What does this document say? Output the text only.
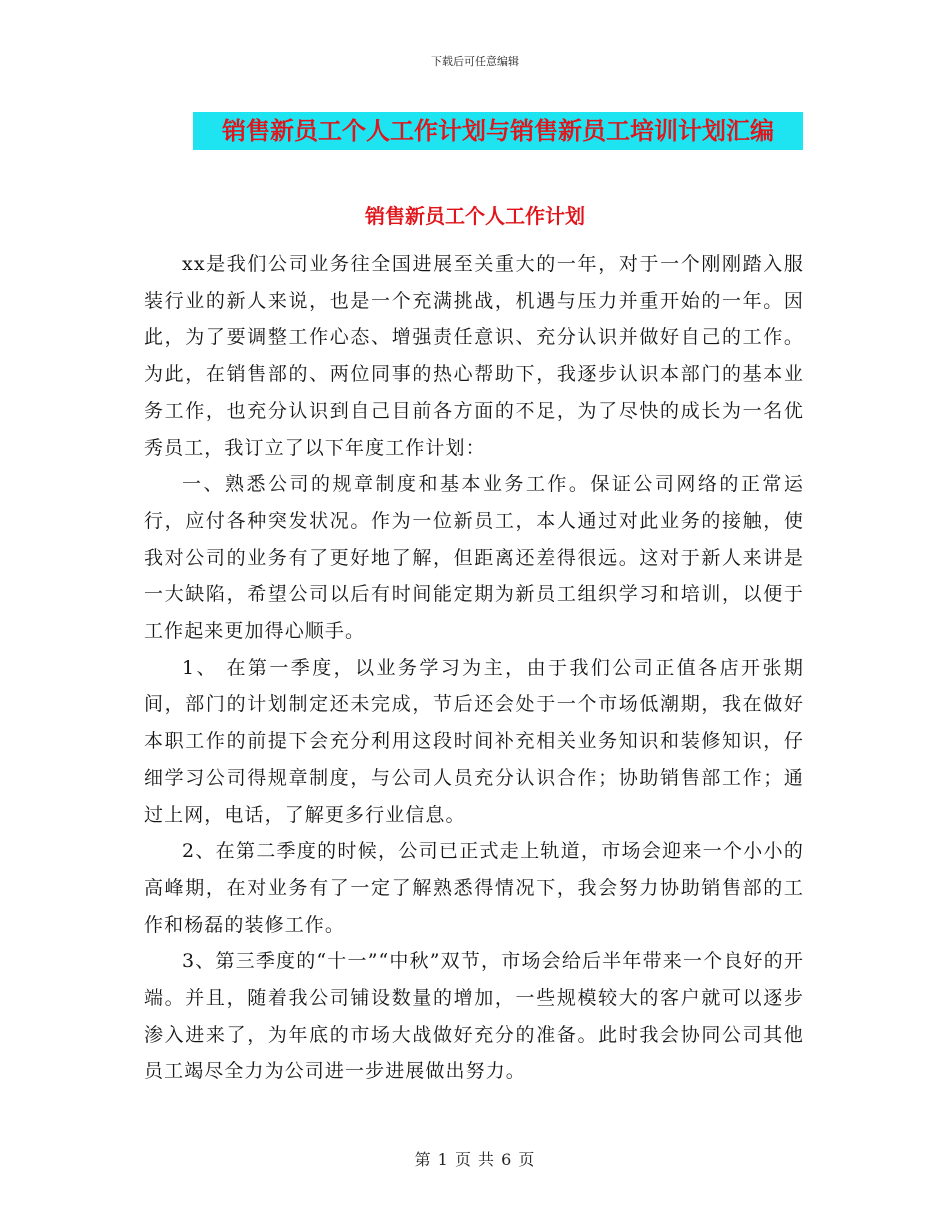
下载后可任意编辑
销售新员工个人工作计划与销售新员工培训计划汇编
销售新员工个人工作计划

xx是我们公司业务往全国进展至关重大的一年，对于一个刚刚踏入服装行业的新人来说，也是一个充满挑战，机遇与压力并重开始的一年。因此，为了要调整工作心态、增强责任意识、充分认识并做好自己的工作。为此，在销售部的、两位同事的热心帮助下，我逐步认识本部门的基本业务工作，也充分认识到自己目前各方面的不足，为了尽快的成长为一名优秀员工，我订立了以下年度工作计划：

一、熟悉公司的规章制度和基本业务工作。保证公司网络的正常运行，应付各种突发状况。作为一位新员工，本人通过对此业务的接触，使我对公司的业务有了更好地了解，但距离还差得很远。这对于新人来讲是一大缺陷，希望公司以后有时间能定期为新员工组织学习和培训，以便于工作起来更加得心顺手。

1、 在第一季度，以业务学习为主，由于我们公司正值各店开张期间，部门的计划制定还未完成，节后还会处于一个市场低潮期，我在做好本职工作的前提下会充分利用这段时间补充相关业务知识和装修知识，仔细学习公司得规章制度，与公司人员充分认识合作；协助销售部工作；通过上网，电话，了解更多行业信息。

2、在第二季度的时候，公司已正式走上轨道，市场会迎来一个小小的高峰期，在对业务有了一定了解熟悉得情况下，我会努力协助销售部的工作和杨磊的装修工作。

3、第三季度的“十一”“中秋”双节，市场会给后半年带来一个良好的开端。并且，随着我公司铺设数量的增加，一些规模较大的客户就可以逐步渗入进来了，为年底的市场大战做好充分的准备。此时我会协同公司其他员工竭尽全力为公司进一步进展做出努力。

第 1 页 共 6 页
